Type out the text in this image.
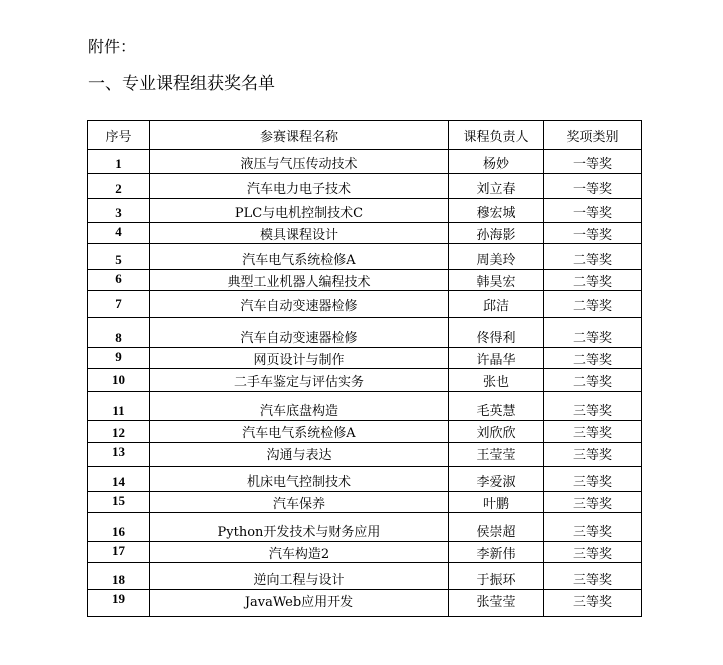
附件：
一、专业课程组获奖名单
序号	参赛课程名称	课程负责人	奖项类别
1	液压与气压传动技术	杨妙	一等奖
2	汽车电力电子技术	刘立春	一等奖
3	PLC与电机控制技术C	穆宏城	一等奖
4	模具课程设计	孙海影	一等奖
5	汽车电气系统检修A	周美玲	二等奖
6	典型工业机器人编程技术	韩昊宏	二等奖
7	汽车自动变速器检修	邱洁	二等奖
8	汽车自动变速器检修	佟得利	二等奖
9	网页设计与制作	许晶华	二等奖
10	二手车鉴定与评估实务	张也	二等奖
11	汽车底盘构造	毛英慧	三等奖
12	汽车电气系统检修A	刘欣欣	三等奖
13	沟通与表达	王莹莹	三等奖
14	机床电气控制技术	李爱淑	三等奖
15	汽车保养	叶鹏	三等奖
16	Python开发技术与财务应用	侯崇超	三等奖
17	汽车构造2	李新伟	三等奖
18	逆向工程与设计	于振环	三等奖
19	JavaWeb应用开发	张莹莹	三等奖
